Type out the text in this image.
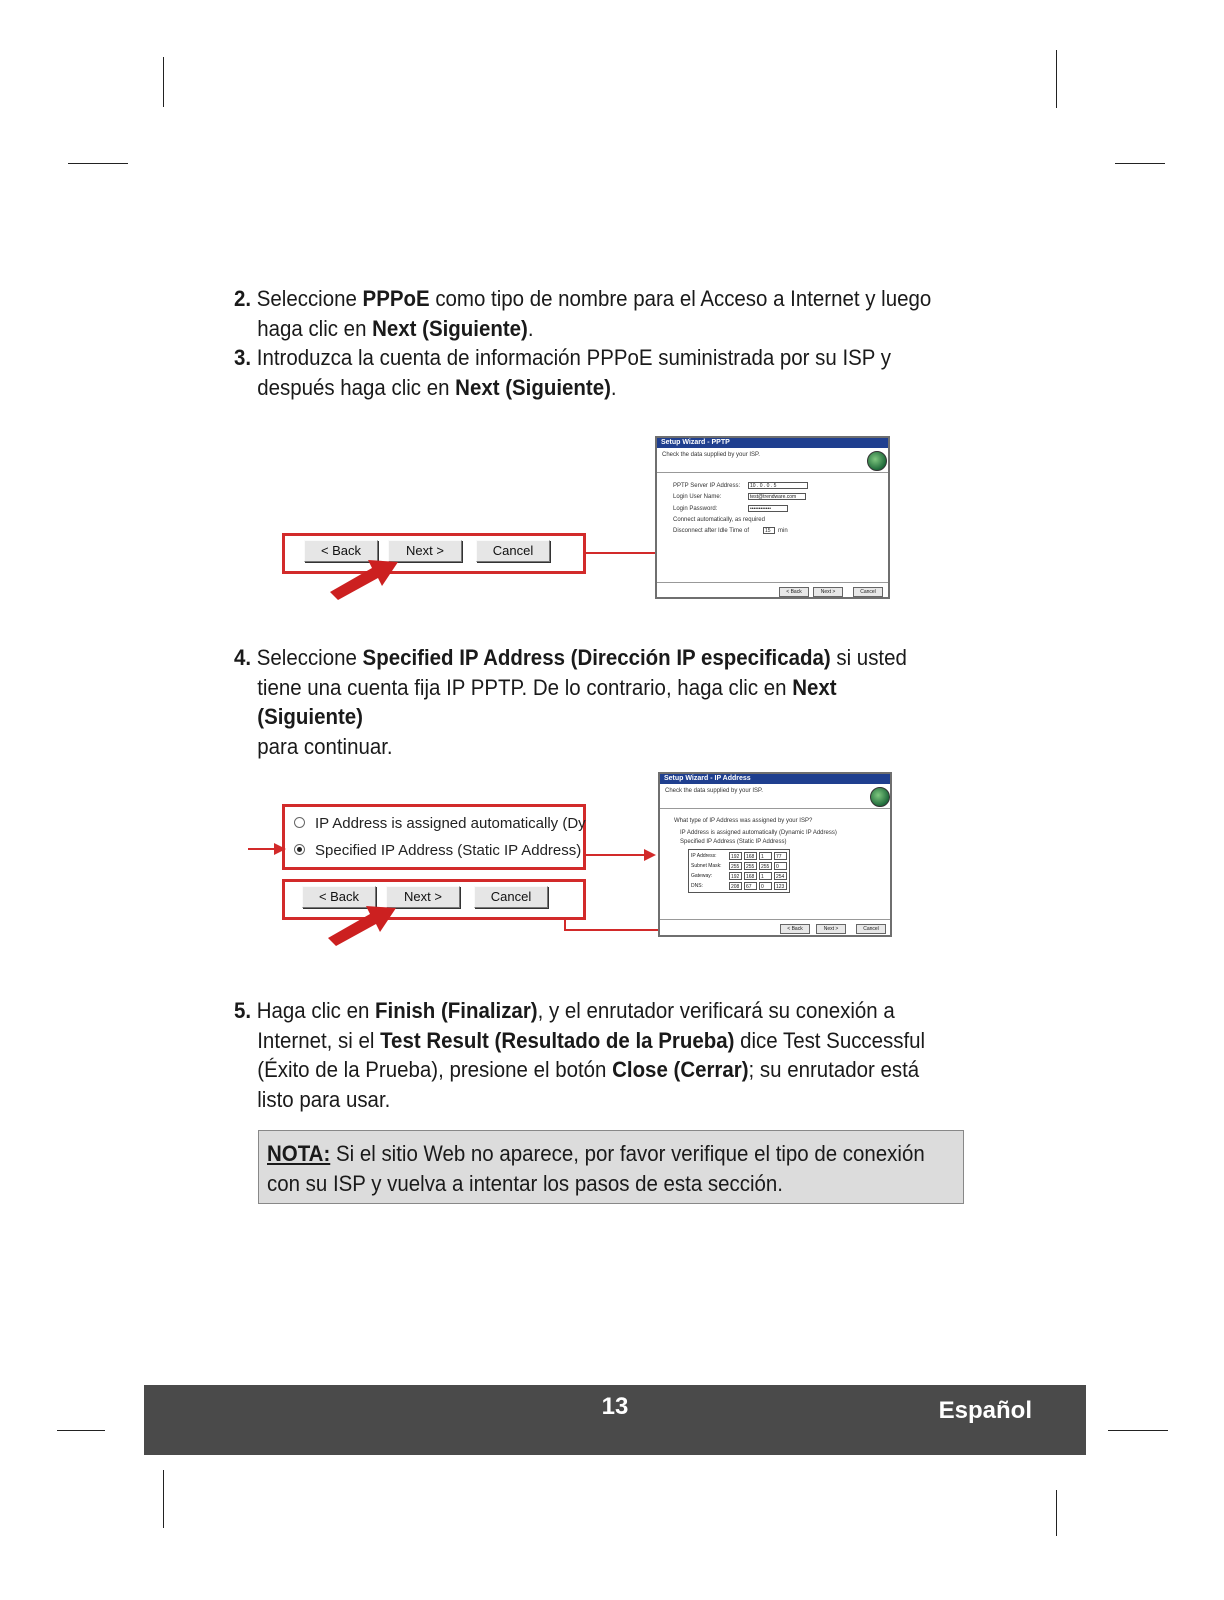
2. Seleccione PPPoE como tipo de nombre para el Acceso a Internet y luego
haga clic en Next (Siguiente).
3. Introduzca la cuenta de información PPPoE suministrada por su ISP y
después haga clic en Next (Siguiente).
< Back	Next >	Cancel
Setup Wizard - PPTP
Check the data supplied by your ISP.
PPTP Server IP Address:	10 . 0 . 0 . 5
Login User Name:	test@trendware.com
Login Password:	••••••••••••
Connect automatically, as required
Disconnect after Idle Time of	15	min
< Back	Next >	Cancel
4. Seleccione Specified IP Address (Dirección IP especificada) si usted
tiene una cuenta fija IP PPTP. De lo contrario, haga clic en Next (Siguiente)
para continuar.
IP Address is assigned automatically (Dy
Specified IP Address (Static IP Address)
< Back	Next >	Cancel
Setup Wizard - IP Address
Check the data supplied by your ISP.
What type of IP Address was assigned by your ISP?
IP Address is assigned automatically (Dynamic IP Address)
Specified IP Address (Static IP Address)
IP Address:	192	168	1	77
Subnet Mask:	255	255	255	0
Gateway:	192	168	1	254
DNS:	208	67	0	123
< Back	Next >	Cancel
5. Haga clic en Finish (Finalizar), y el enrutador verificará su conexión a
Internet, si el Test Result (Resultado de la Prueba) dice Test Successful
(Éxito de la Prueba), presione el botón Close (Cerrar); su enrutador está
listo para usar.
NOTA: Si el sitio Web no aparece, por favor verifique el tipo de conexión
con su ISP y vuelva a intentar los pasos de esta sección.
13	Español
